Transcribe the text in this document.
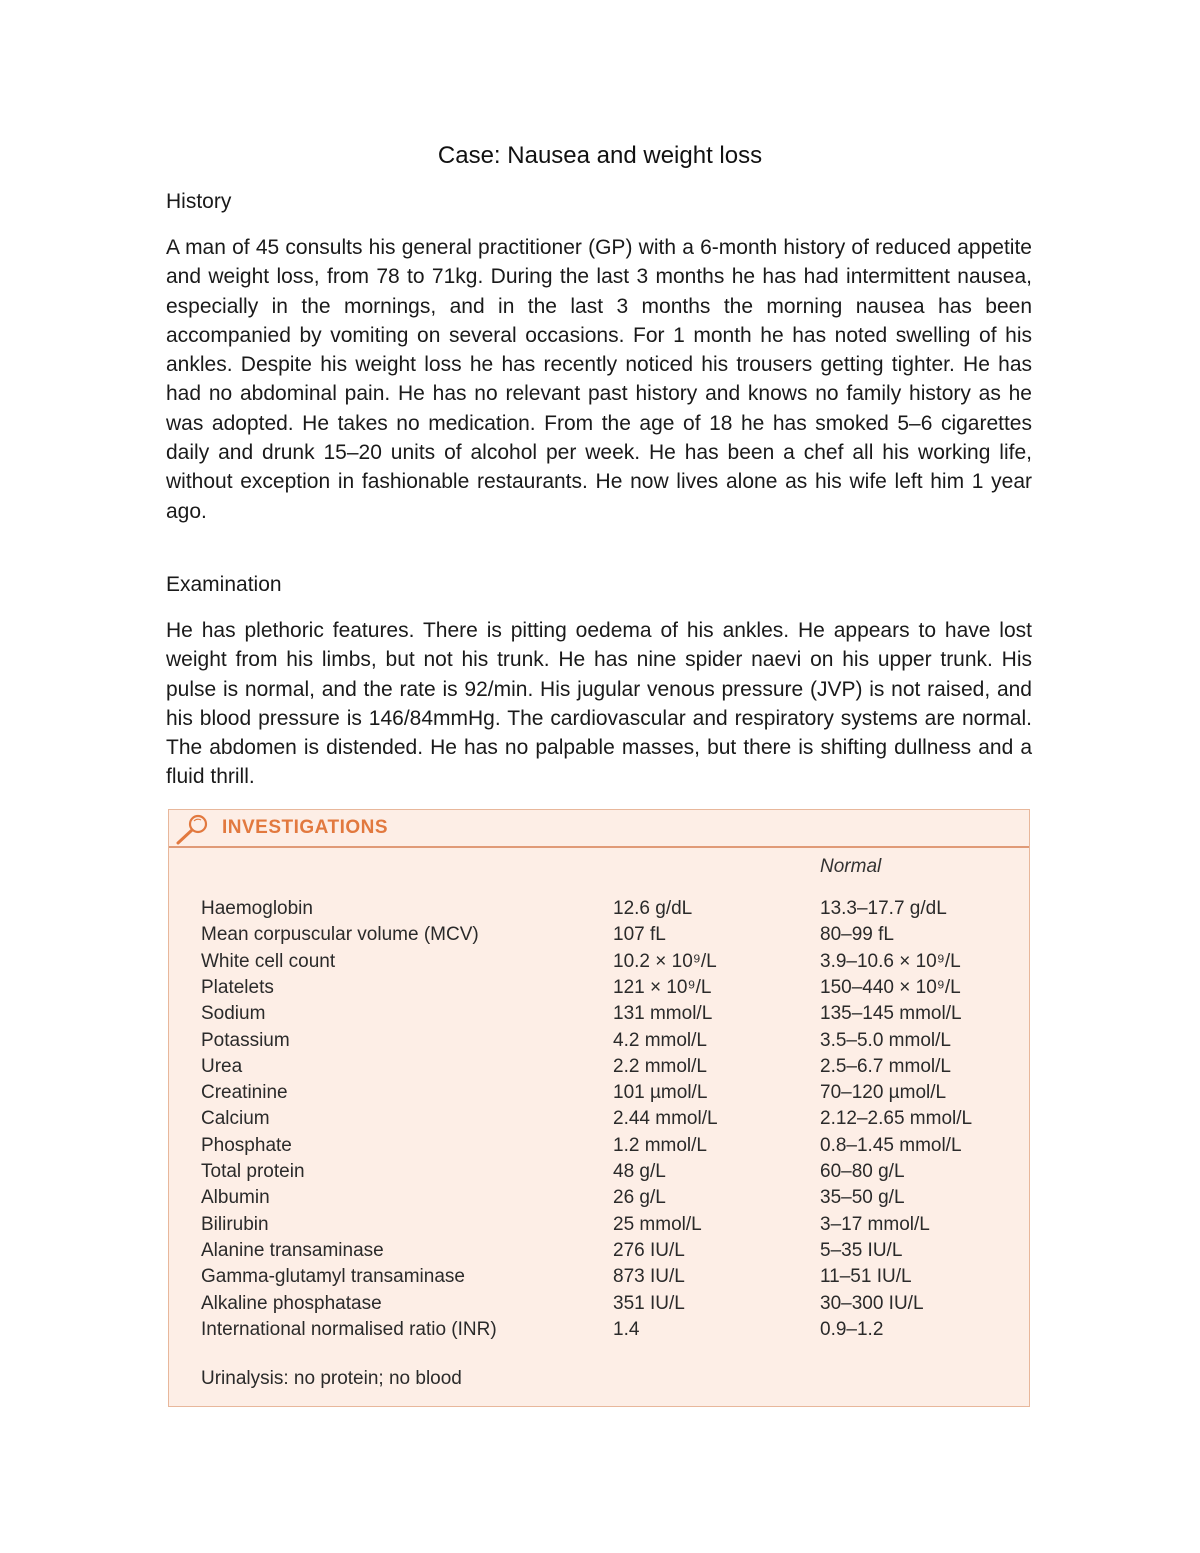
Case: Nausea and weight loss
History

A man of 45 consults his general practitioner (GP) with a 6-month history of reduced appetite and weight loss, from 78 to 71kg. During the last 3 months he has had intermittent nausea, especially in the mornings, and in the last 3 months the morning nausea has been accompanied by vomiting on several occasions. For 1 month he has noted swelling of his ankles. Despite his weight loss he has recently noticed his trousers getting tighter. He has had no abdominal pain. He has no relevant past history and knows no family history as he was adopted. He takes no medication. From the age of 18 he has smoked 5–6 cigarettes daily and drunk 15–20 units of alcohol per week. He has been a chef all his working life, without exception in fashionable restaurants. He now lives alone as his wife left him 1 year ago.

Examination

He has plethoric features. There is pitting oedema of his ankles. He appears to have lost weight from his limbs, but not his trunk. He has nine spider naevi on his upper trunk. His pulse is normal, and the rate is 92/min. His jugular venous pressure (JVP) is not raised, and his blood pressure is 146/84mmHg. The cardiovascular and respiratory systems are normal. The abdomen is distended. He has no palpable masses, but there is shifting dullness and a fluid thrill.

INVESTIGATIONS
Normal
Haemoglobin	12.6 g/dL	13.3–17.7 g/dL
Mean corpuscular volume (MCV)	107 fL	80–99 fL
White cell count	10.2 × 10⁹/L	3.9–10.6 × 10⁹/L
Platelets	121 × 10⁹/L	150–440 × 10⁹/L
Sodium	131 mmol/L	135–145 mmol/L
Potassium	4.2 mmol/L	3.5–5.0 mmol/L
Urea	2.2 mmol/L	2.5–6.7 mmol/L
Creatinine	101 µmol/L	70–120 µmol/L
Calcium	2.44 mmol/L	2.12–2.65 mmol/L
Phosphate	1.2 mmol/L	0.8–1.45 mmol/L
Total protein	48 g/L	60–80 g/L
Albumin	26 g/L	35–50 g/L
Bilirubin	25 mmol/L	3–17 mmol/L
Alanine transaminase	276 IU/L	5–35 IU/L
Gamma-glutamyl transaminase	873 IU/L	11–51 IU/L
Alkaline phosphatase	351 IU/L	30–300 IU/L
International normalised ratio (INR)	1.4	0.9–1.2
Urinalysis: no protein; no blood
